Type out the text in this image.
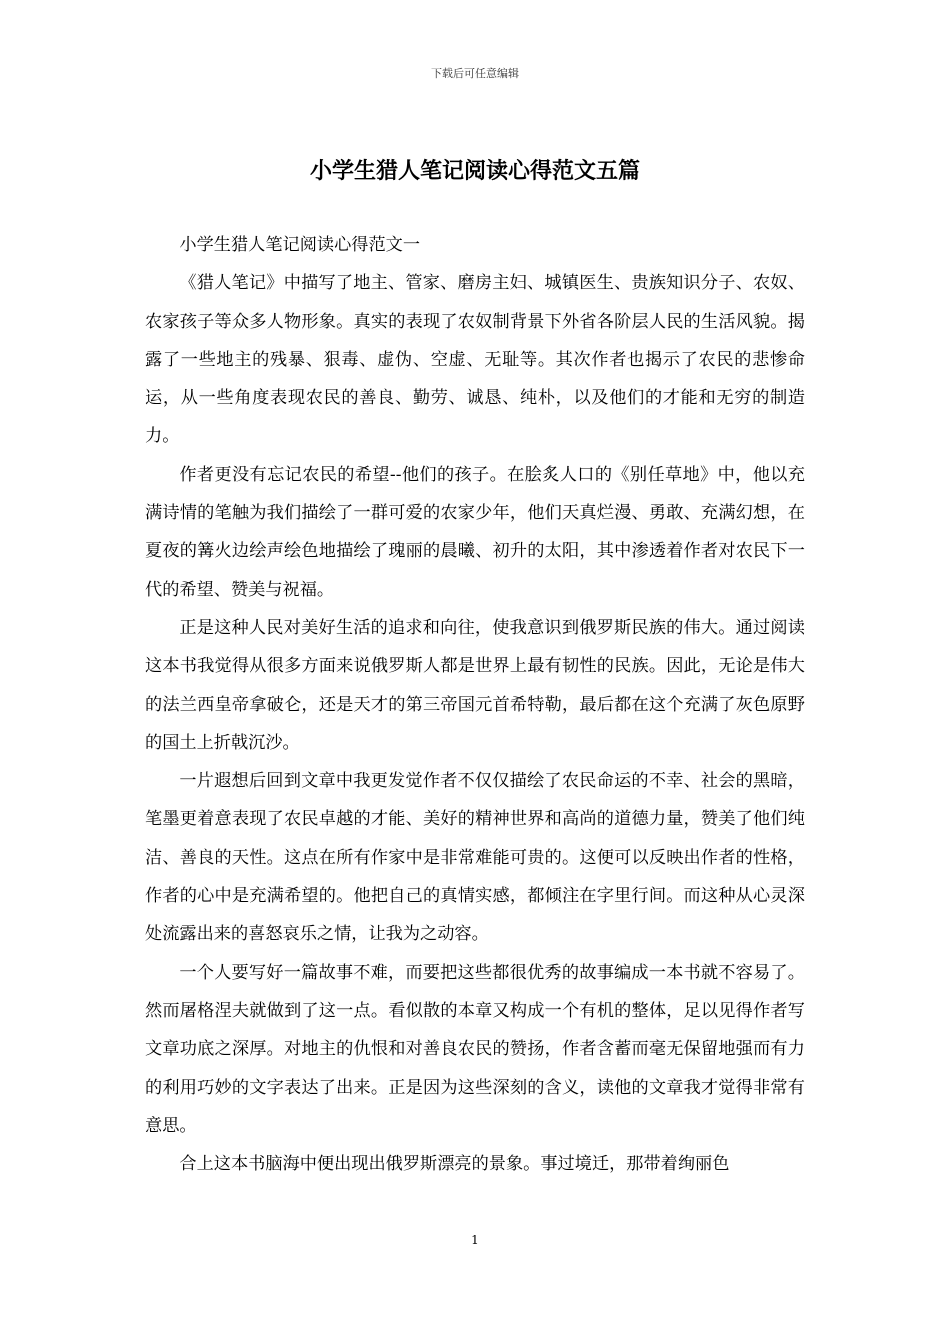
下载后可任意编辑
小学生猎人笔记阅读心得范文五篇

小学生猎人笔记阅读心得范文一

《猎人笔记》中描写了地主、管家、磨房主妇、城镇医生、贵族知识分子、农奴、农家孩子等众多人物形象。真实的表现了农奴制背景下外省各阶层人民的生活风貌。揭露了一些地主的残暴、狠毒、虚伪、空虚、无耻等。其次作者也揭示了农民的悲惨命运，从一些角度表现农民的善良、勤劳、诚恳、纯朴，以及他们的才能和无穷的制造力。

作者更没有忘记农民的希望--他们的孩子。在脍炙人口的《别任草地》中，他以充满诗情的笔触为我们描绘了一群可爱的农家少年，他们天真烂漫、勇敢、充满幻想，在夏夜的篝火边绘声绘色地描绘了瑰丽的晨曦、初升的太阳，其中渗透着作者对农民下一代的希望、赞美与祝福。

正是这种人民对美好生活的追求和向往，使我意识到俄罗斯民族的伟大。通过阅读这本书我觉得从很多方面来说俄罗斯人都是世界上最有韧性的民族。因此，无论是伟大的法兰西皇帝拿破仑，还是天才的第三帝国元首希特勒，最后都在这个充满了灰色原野的国土上折戟沉沙。

一片遐想后回到文章中我更发觉作者不仅仅描绘了农民命运的不幸、社会的黑暗，笔墨更着意表现了农民卓越的才能、美好的精神世界和高尚的道德力量，赞美了他们纯洁、善良的天性。这点在所有作家中是非常难能可贵的。这便可以反映出作者的性格，作者的心中是充满希望的。他把自己的真情实感，都倾注在字里行间。而这种从心灵深处流露出来的喜怒哀乐之情，让我为之动容。

一个人要写好一篇故事不难，而要把这些都很优秀的故事编成一本书就不容易了。然而屠格涅夫就做到了这一点。看似散的本章又构成一个有机的整体，足以见得作者写文章功底之深厚。对地主的仇恨和对善良农民的赞扬，作者含蓄而毫无保留地强而有力的利用巧妙的文字表达了出来。正是因为这些深刻的含义，读他的文章我才觉得非常有意思。

合上这本书脑海中便出现出俄罗斯漂亮的景象。事过境迁，那带着绚丽色

1
